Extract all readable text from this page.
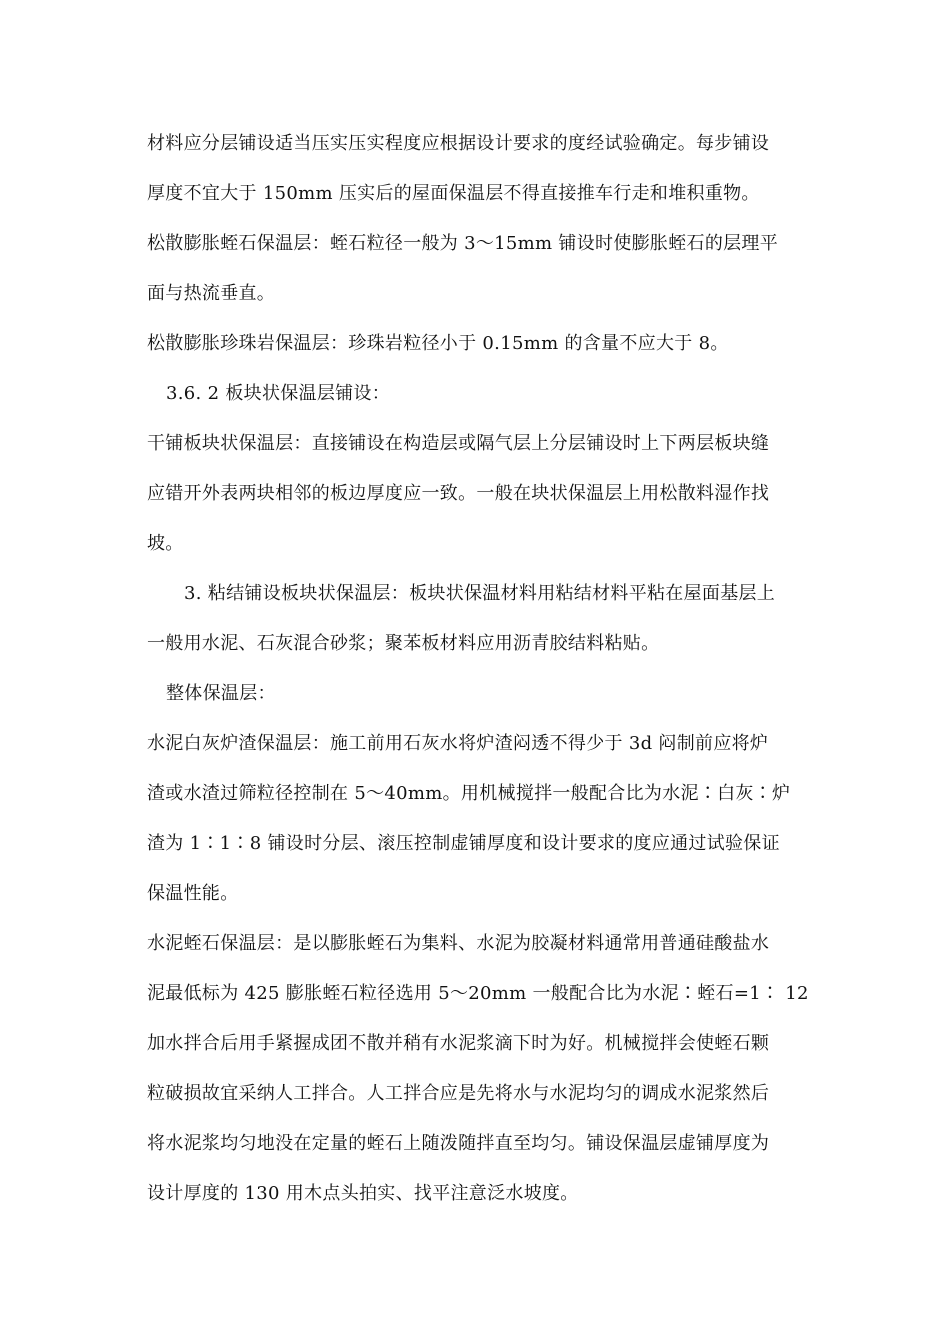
材料应分层铺设适当压实压实程度应根据设计要求的度经试验确定。每步铺设
厚度不宜大于 150mm 压实后的屋面保温层不得直接推车行走和堆积重物。
松散膨胀蛭石保温层：蛭石粒径一般为 3～15mm 铺设时使膨胀蛭石的层理平
面与热流垂直。
松散膨胀珍珠岩保温层：珍珠岩粒径小于 0.15mm 的含量不应大于 8。
3.6. 2 板块状保温层铺设：
干铺板块状保温层：直接铺设在构造层或隔气层上分层铺设时上下两层板块缝
应错开外表两块相邻的板边厚度应一致。一般在块状保温层上用松散料湿作找
坡。
3. 粘结铺设板块状保温层：板块状保温材料用粘结材料平粘在屋面基层上
一般用水泥、石灰混合砂浆；聚苯板材料应用沥青胶结料粘贴。
整体保温层：
水泥白灰炉渣保温层：施工前用石灰水将炉渣闷透不得少于 3d 闷制前应将炉
渣或水渣过筛粒径控制在 5～40mm。用机械搅拌一般配合比为水泥∶白灰∶炉
渣为 1∶1∶8 铺设时分层、滚压控制虚铺厚度和设计要求的度应通过试验保证
保温性能。
水泥蛭石保温层：是以膨胀蛭石为集料、水泥为胶凝材料通常用普通硅酸盐水
泥最低标为 425 膨胀蛭石粒径选用 5～20mm 一般配合比为水泥∶蛭石=1∶ 12
加水拌合后用手紧握成团不散并稍有水泥浆滴下时为好。机械搅拌会使蛭石颗
粒破损故宜采纳人工拌合。人工拌合应是先将水与水泥均匀的调成水泥浆然后
将水泥浆均匀地没在定量的蛭石上随泼随拌直至均匀。铺设保温层虚铺厚度为
设计厚度的 130 用木点头拍实、找平注意泛水坡度。
